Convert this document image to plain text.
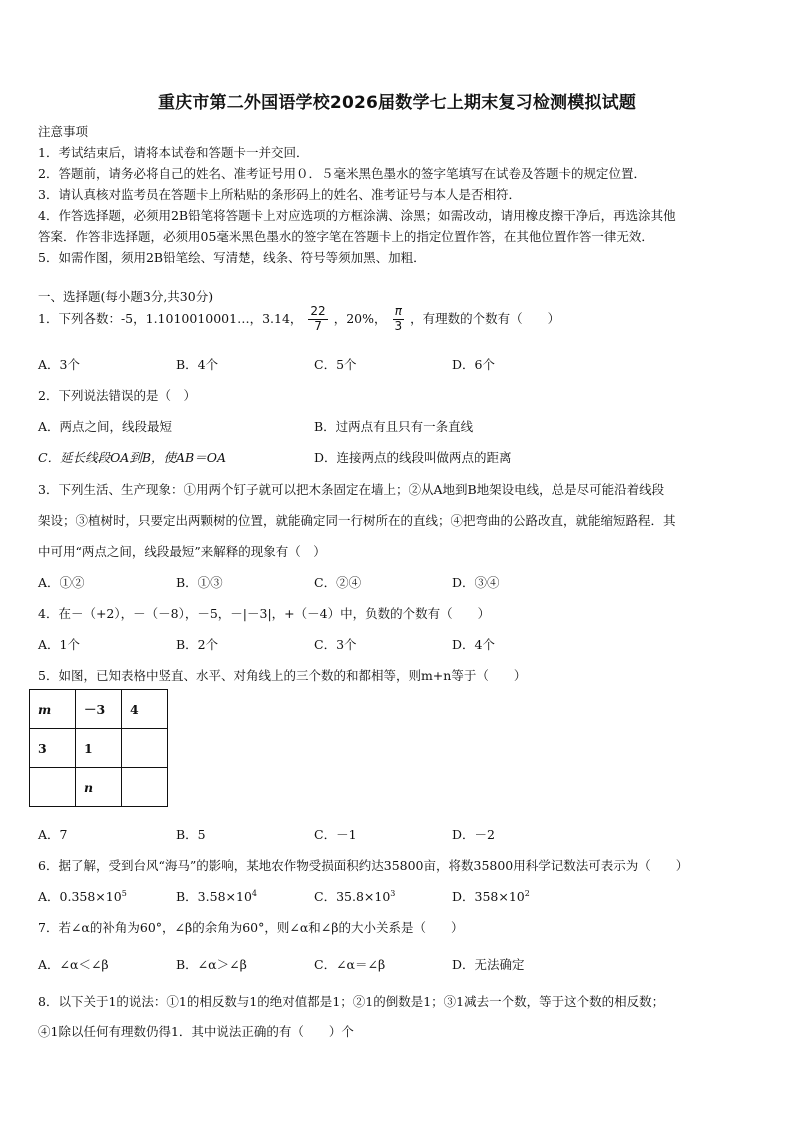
重庆市第二外国语学校2026届数学七上期末复习检测模拟试题
注意事项
1．考试结束后，请将本试卷和答题卡一并交回．
2．答题前，请务必将自己的姓名、准考证号用０．５毫米黑色墨水的签字笔填写在试卷及答题卡的规定位置．
3．请认真核对监考员在答题卡上所粘贴的条形码上的姓名、准考证号与本人是否相符．
4．作答选择题，必须用2B铅笔将答题卡上对应选项的方框涂满、涂黑；如需改动，请用橡皮擦干净后，再选涂其他
答案．作答非选择题，必须用05毫米黑色墨水的签字笔在答题卡上的指定位置作答，在其他位置作答一律无效．
5．如需作图，须用2B铅笔绘、写清楚，线条、符号等须加黑、加粗．
一、选择题(每小题3分,共30分)
1．下列各数：-5，1.1010010001…，3.14， $\frac{22}{7}$ ，20%， $\frac{\pi}{3}$ ，有理数的个数有（　　）
A．3个	B．4个	C．5个	D．6个
2．下列说法错误的是（　）
A．两点之间，线段最短	B．过两点有且只有一条直线
C．延长线段OA到B，使AB＝OA	D．连接两点的线段叫做两点的距离
3．下列生活、生产现象：①用两个钉子就可以把木条固定在墙上；②从A地到B地架设电线，总是尽可能沿着线段
架设；③植树时，只要定出两颗树的位置，就能确定同一行树所在的直线；④把弯曲的公路改直，就能缩短路程．其
中可用“两点之间，线段最短”来解释的现象有（　）
A．①②	B．①③	C．②④	D．③④
4．在－（+2），－（－8），－5，－|－3|，+（－4）中，负数的个数有（　　）
A．1个	B．2个	C．3个	D．4个
5．如图，已知表格中竖直、水平、对角线上的三个数的和都相等，则m+n等于（　　）
m	－3	4
3	1	
	n	
A．7	B．5	C．－1	D．－2
6．据了解，受到台风“海马”的影响，某地农作物受损面积约达35800亩，将数35800用科学记数法可表示为（　　）
A．$0.358\times 10^5$	B．$3.58\times 10^4$	C．$35.8\times 10^3$	D．$358\times 10^2$
7．若∠α的补角为60°，∠β的余角为60°，则∠α和∠β的大小关系是（　　）
A．∠α＜∠β	B．∠α＞∠β	C．∠α＝∠β	D．无法确定
8．以下关于1的说法：①1的相反数与1的绝对值都是1；②1的倒数是1；③1减去一个数，等于这个数的相反数；
④1除以任何有理数仍得1．其中说法正确的有（　　）个
